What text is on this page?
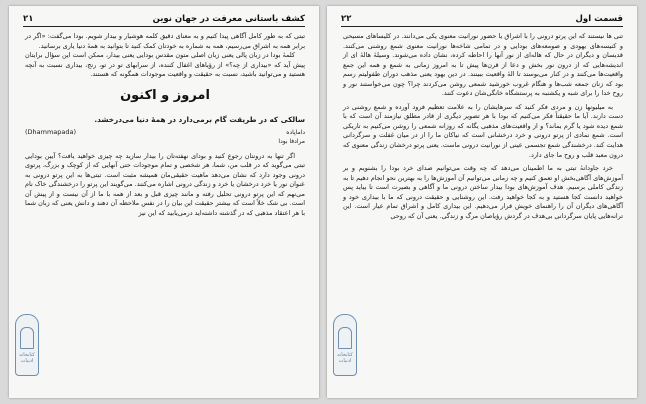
قسمت اول
۲۲

تنی ها نیستند که این پرتو درونی را با اشراق یا حضور نورانیت معنوی یکی می‌دانند. در کلیساهای مسیحی و کنیسه‌های یهودی و صومعه‌های بودایی و در تمامی شاخه‌ها نورانیت معنوی شمع روشنی می‌کنند. قدیسان و دیگران در حال که هاله‌ای از نور آنها را احاطه کرده، نشان داده می‌شوند. وسیلهٔ هالهٔ ای از اندیشه‌هایی که از درون نور بخش و دعا از قرن‌ها پیش تا به امروز زمانی به شمع و همه این جمع واقعیت‌ها می‌کنند و در کنار می‌بوسند تا الهٔ واقعیت ببینند. در دین یهود یعنی مذهب دوران طفولیتم رسم بود که زنان جمعه شب‌ها و هنگام غروب خورشید شمعی روشن می‌کردند چرا؟ چون می‌خواستند نور و روح خدا را برای شبه و یکشنبه به پرستشگاه خانگی‌شان دعوت کنند.

به میلیونها زن و مردی فکر کنید که سرهایشان را به علامت تعظیم فرود آورده و شمع روشنی در دست دارند. آیا ما حقیقتاً فکر می‌کنیم که بودا با هر تصویر دیگری از قادر مطلق نیازمند آن است که با شمع دیده شود یا گرم بماند؟ و از واقعیت‌های مذهبی یگانه که روزانه شمعی را روشن می‌کنیم به تاریکی است. شمع نمادی از پرتو درونی و خرد درخشانی است که نیاکان ما را از در میان غفلت و سرگردانی هدایت کند. درخشندگی شمع تجسمی عینی از نورانیت درونی ماست. یعنی پرتو درخشان زندگی معنوی که درون معبد قلب و روح ما جای دارد.

خرد جاودانهٔ تبتی به ما اطمینان می‌دهد که چه وقت می‌توانیم صدای خرد بودا را بشنویم و بر آموزش‌های آگاهی‌بخش او تعمق کنیم و چه زمانی می‌توانیم آن آموزش‌ها را به بهترین نحو انجام دهیم تا به زندگی کاملی برسیم. هدف آموزش‌های بودا بیدار ساختن درونی ما و آگاهی و بصیرت است تا بیاید پس خواهید دانست کجا هستید و به کجا خواهید رفت. این روشنایی و حقیقت درونی که ما با بیداری خود و آگاهی‌های دیگران آن را راهنمای خویش قرار می‌دهیم. این بیداری کامل و اشراق تمام عیار است. این ترانه‌هایی پایان سرگردانی بی‌هدف در گردش رؤیاصان مرگ و زندگی. یعنی آن که روحی

کتابخانه ادبیات
کشف باستانی معرفت در جهان نوین
۲۱

تبتی که به طور کامل آگاهی پیدا کنیم و به معنای دقیق کلمه هوشیار و بیدار شویم. بودا می‌گفت: «اگر در برابر همه به اشراق می‌رسیم، همه به شماره به خودتان کمک کنید تا بتوانید به همهٔ دنیا یاری برسانید.

کلمهٔ بودا در زبان پالی یعنی زبان اصلی متون مقدس بودایی یعنی بیدار، ممکن است این سؤال برایتان پیش آید که «بیداری از چه؟» از رؤیاهای اغفال کننده، از سرابهای تو در تو، رنج، بیداری نسبت به آنچه هستید و می‌توانید باشید، نسبت به حقیقت و واقعیت موجودات همگونه که هستند.

امروز و اکنون

سالکی که در طریقت گام برمی‌دارد در همهٔ دنیا می‌درخشد.

داماپاده
(Dhammapada)
مرادفا بودا

اگر تنها به درونتان رجوع کنید و بودای نهفته‌تان را بیدار سازید چه چیزی خواهید یافت؟ آیین بودایی تبتی می‌گوید که در قلب من، شما، هر شخصی و تمام موجودات حتی آنهایی که از کوچک و بزرگ، پرتوی درونی وجود دارد که نشان می‌دهد ماهیت حقیقی‌مان همیشه مثبت است. تبتی‌ها به این پرتو درونی به عنوان نور یا خرد درخشان یا خرد و زندگی درونی اشاره می‌کنند. می‌گویند این پرتو را درخشندگی خاک نام می‌نهم که این پرتو درونی تحلیل رفته و مانند چیزی قبل و بعد از همه با ما از آن نیست و از پیش آن است. بی شک خلاً است که بیشتر حقیقت این بیان را در نفس ملاحظه آن دهند و دانش یعنی که زبان شما با هر اعتقاد مذهبی که در گذشته داشته‌اید درمی‌یابید که این نیز

کتابخانه ادبیات
